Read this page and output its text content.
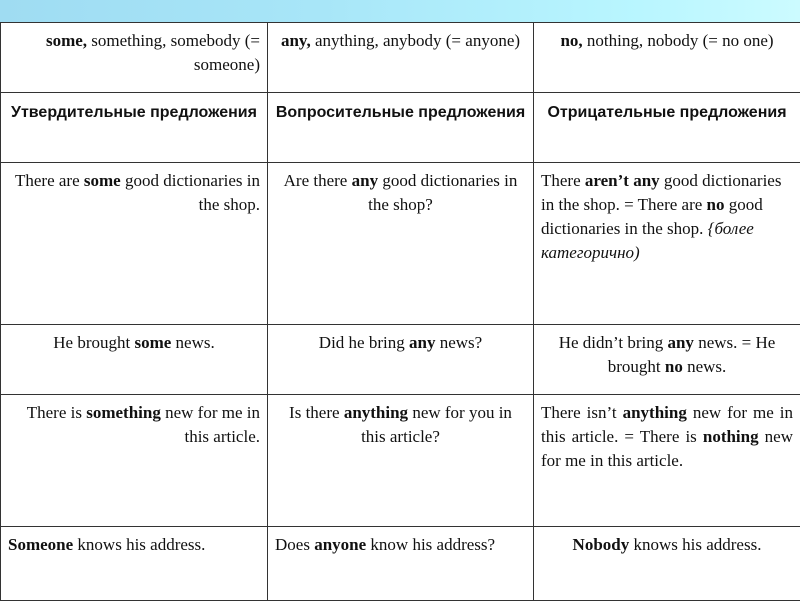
some, something, somebody (= someone)	any, anything, anybody (= anyone)	no, nothing, nobody (= no one)
Утвердительные предложения	Вопросительные предложения	Отрицательные предложения
There are some good dictionaries in the shop.	Are there any good dictionaries in the shop?	There aren’t any good dictionaries in the shop. = There are no good dictionaries in the shop. {более категорично)
He brought some news.	Did he bring any news?	He didn’t bring any news. = He brought no news.
There is something new for me in this article.	Is there anything new for you in this article?	There isn’t anything new for me in this article. = There is nothing new for me in this article.
Someone knows his address.	Does anyone know his address?	Nobody knows his address.
